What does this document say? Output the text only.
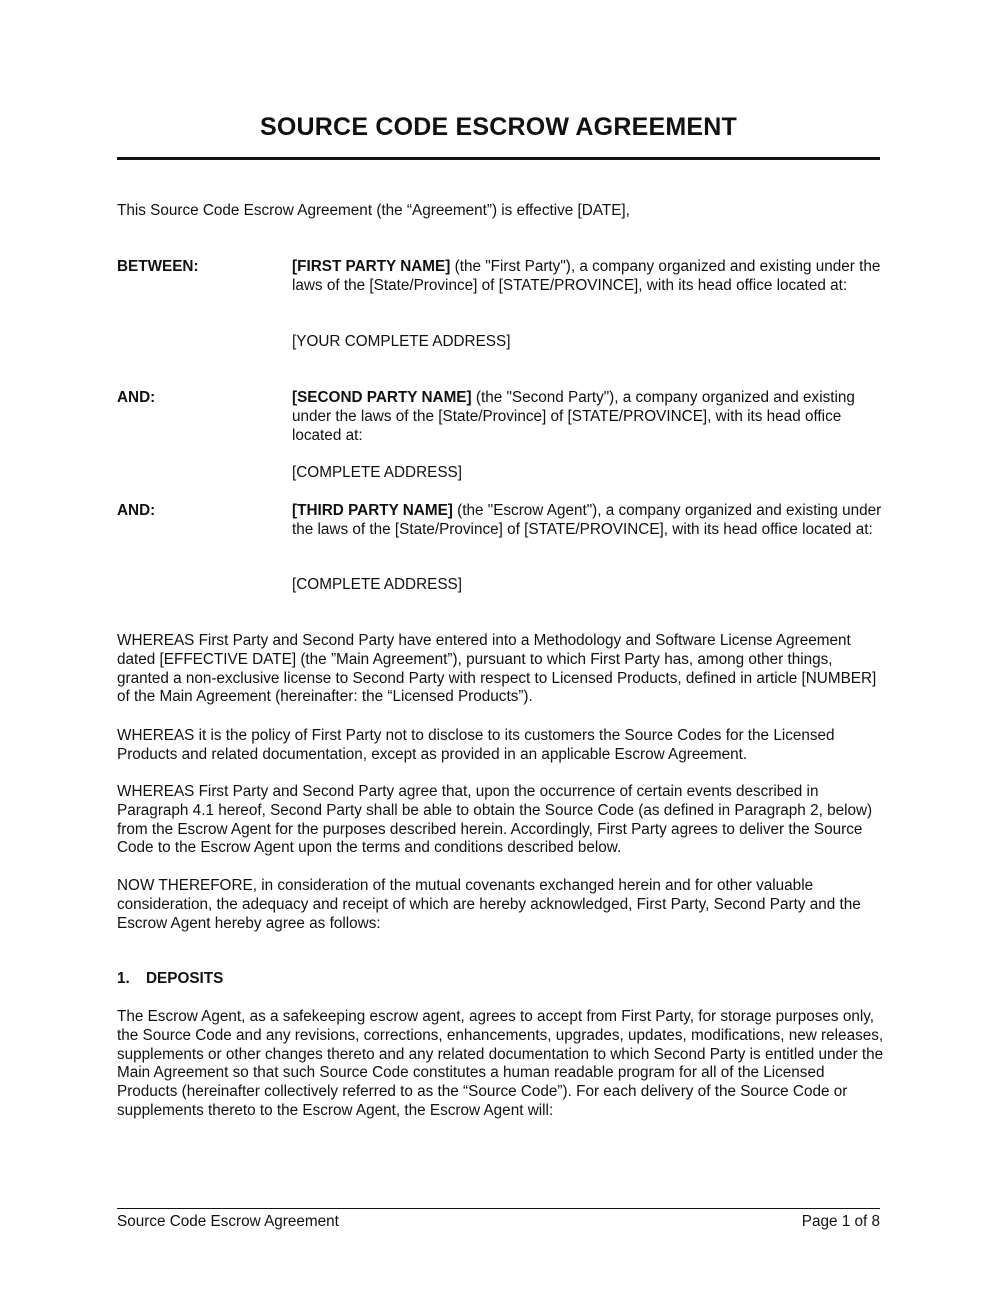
SOURCE CODE ESCROW AGREEMENT

This Source Code Escrow Agreement (the “Agreement”) is effective [DATE],

BETWEEN:	[FIRST PARTY NAME] (the "First Party"), a company organized and existing under the laws of the [State/Province] of [STATE/PROVINCE], with its head office located at:

[YOUR COMPLETE ADDRESS]

AND:	[SECOND PARTY NAME] (the "Second Party"), a company organized and existing under the laws of the [State/Province] of [STATE/PROVINCE], with its head office located at:

[COMPLETE ADDRESS]

AND:	[THIRD PARTY NAME] (the "Escrow Agent"), a company organized and existing under the laws of the [State/Province] of [STATE/PROVINCE], with its head office located at:

[COMPLETE ADDRESS]

WHEREAS First Party and Second Party have entered into a Methodology and Software License Agreement dated [EFFECTIVE DATE] (the ”Main Agreement”), pursuant to which First Party has, among other things, granted a non-exclusive license to Second Party with respect to Licensed Products, defined in article [NUMBER] of the Main Agreement (hereinafter: the “Licensed Products”).

WHEREAS it is the policy of First Party not to disclose to its customers the Source Codes for the Licensed Products and related documentation, except as provided in an applicable Escrow Agreement.

WHEREAS First Party and Second Party agree that, upon the occurrence of certain events described in Paragraph 4.1 hereof, Second Party shall be able to obtain the Source Code (as defined in Paragraph 2, below) from the Escrow Agent for the purposes described herein. Accordingly, First Party agrees to deliver the Source Code to the Escrow Agent upon the terms and conditions described below.

NOW THEREFORE, in consideration of the mutual covenants exchanged herein and for other valuable consideration, the adequacy and receipt of which are hereby acknowledged, First Party, Second Party and the Escrow Agent hereby agree as follows:

1. DEPOSITS

The Escrow Agent, as a safekeeping escrow agent, agrees to accept from First Party, for storage purposes only, the Source Code and any revisions, corrections, enhancements, upgrades, updates, modifications, new releases, supplements or other changes thereto and any related documentation to which Second Party is entitled under the Main Agreement so that such Source Code constitutes a human readable program for all of the Licensed Products (hereinafter collectively referred to as the “Source Code”). For each delivery of the Source Code or supplements thereto to the Escrow Agent, the Escrow Agent will:

Source Code Escrow Agreement	Page 1 of 8
